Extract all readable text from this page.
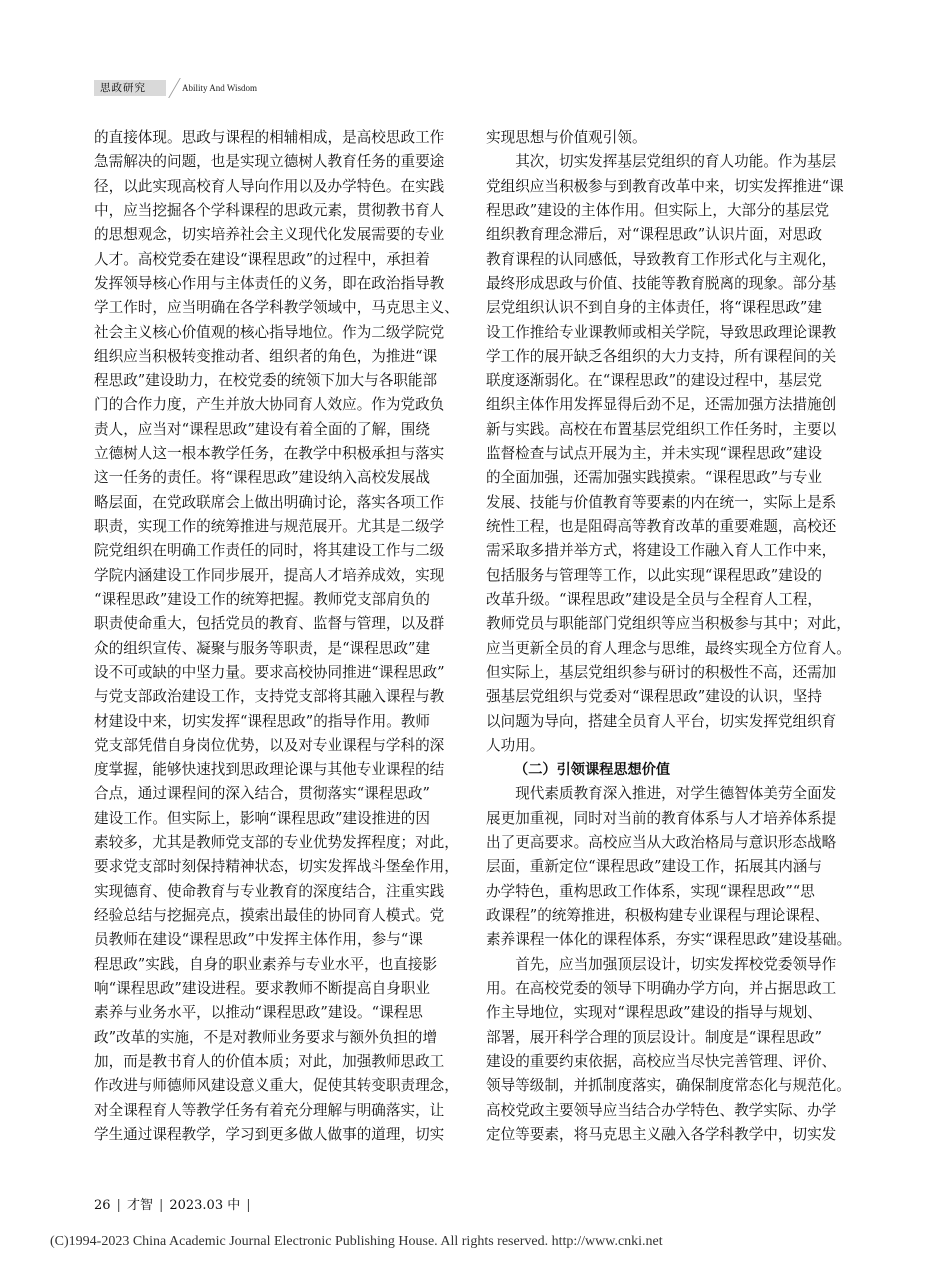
思政研究	Ability And Wisdom

的直接体现。思政与课程的相辅相成，是高校思政工作
急需解决的问题，也是实现立德树人教育任务的重要途
径，以此实现高校育人导向作用以及办学特色。在实践
中，应当挖掘各个学科课程的思政元素，贯彻教书育人
的思想观念，切实培养社会主义现代化发展需要的专业
人才。高校党委在建设“课程思政”的过程中，承担着
发挥领导核心作用与主体责任的义务，即在政治指导教
学工作时，应当明确在各学科教学领域中，马克思主义、
社会主义核心价值观的核心指导地位。作为二级学院党
组织应当积极转变推动者、组织者的角色，为推进“课
程思政”建设助力，在校党委的统领下加大与各职能部
门的合作力度，产生并放大协同育人效应。作为党政负
责人，应当对“课程思政”建设有着全面的了解，围绕
立德树人这一根本教学任务，在教学中积极承担与落实
这一任务的责任。将“课程思政”建设纳入高校发展战
略层面，在党政联席会上做出明确讨论，落实各项工作
职责，实现工作的统筹推进与规范展开。尤其是二级学
院党组织在明确工作责任的同时，将其建设工作与二级
学院内涵建设工作同步展开，提高人才培养成效，实现
“课程思政”建设工作的统筹把握。教师党支部肩负的
职责使命重大，包括党员的教育、监督与管理，以及群
众的组织宣传、凝聚与服务等职责，是“课程思政”建
设不可或缺的中坚力量。要求高校协同推进“课程思政”
与党支部政治建设工作，支持党支部将其融入课程与教
材建设中来，切实发挥“课程思政”的指导作用。教师
党支部凭借自身岗位优势，以及对专业课程与学科的深
度掌握，能够快速找到思政理论课与其他专业课程的结
合点，通过课程间的深入结合，贯彻落实“课程思政”
建设工作。但实际上，影响“课程思政”建设推进的因
素较多，尤其是教师党支部的专业优势发挥程度；对此，
要求党支部时刻保持精神状态，切实发挥战斗堡垒作用，
实现德育、使命教育与专业教育的深度结合，注重实践
经验总结与挖掘亮点，摸索出最佳的协同育人模式。党
员教师在建设“课程思政”中发挥主体作用，参与“课
程思政”实践，自身的职业素养与专业水平，也直接影
响“课程思政”建设进程。要求教师不断提高自身职业
素养与业务水平，以推动“课程思政”建设。“课程思
政”改革的实施，不是对教师业务要求与额外负担的增
加，而是教书育人的价值本质；对此，加强教师思政工
作改进与师德师风建设意义重大，促使其转变职责理念，
对全课程育人等教学任务有着充分理解与明确落实，让
学生通过课程教学，学习到更多做人做事的道理，切实

实现思想与价值观引领。
　　其次，切实发挥基层党组织的育人功能。作为基层
党组织应当积极参与到教育改革中来，切实发挥推进“课
程思政”建设的主体作用。但实际上，大部分的基层党
组织教育理念滞后，对“课程思政”认识片面，对思政
教育课程的认同感低，导致教育工作形式化与主观化，
最终形成思政与价值、技能等教育脱离的现象。部分基
层党组织认识不到自身的主体责任，将“课程思政”建
设工作推给专业课教师或相关学院，导致思政理论课教
学工作的展开缺乏各组织的大力支持，所有课程间的关
联度逐渐弱化。在“课程思政”的建设过程中，基层党
组织主体作用发挥显得后劲不足，还需加强方法措施创
新与实践。高校在布置基层党组织工作任务时，主要以
监督检查与试点开展为主，并未实现“课程思政”建设
的全面加强，还需加强实践摸索。“课程思政”与专业
发展、技能与价值教育等要素的内在统一，实际上是系
统性工程，也是阻碍高等教育改革的重要难题，高校还
需采取多措并举方式，将建设工作融入育人工作中来，
包括服务与管理等工作，以此实现“课程思政”建设的
改革升级。“课程思政”建设是全员与全程育人工程，
教师党员与职能部门党组织等应当积极参与其中；对此，
应当更新全员的育人理念与思维，最终实现全方位育人。
但实际上，基层党组织参与研讨的积极性不高，还需加
强基层党组织与党委对“课程思政”建设的认识，坚持
以问题为导向，搭建全员育人平台，切实发挥党组织育
人功用。

（二）引领课程思想价值

　　现代素质教育深入推进，对学生德智体美劳全面发
展更加重视，同时对当前的教育体系与人才培养体系提
出了更高要求。高校应当从大政治格局与意识形态战略
层面，重新定位“课程思政”建设工作，拓展其内涵与
办学特色，重构思政工作体系，实现“课程思政”“思
政课程”的统筹推进，积极构建专业课程与理论课程、
素养课程一体化的课程体系，夯实“课程思政”建设基础。

　　首先，应当加强顶层设计，切实发挥校党委领导作
用。在高校党委的领导下明确办学方向，并占据思政工
作主导地位，实现对“课程思政”建设的指导与规划、
部署，展开科学合理的顶层设计。制度是“课程思政”
建设的重要约束依据，高校应当尽快完善管理、评价、
领导等级制，并抓制度落实，确保制度常态化与规范化。
高校党政主要领导应当结合办学特色、教学实际、办学
定位等要素，将马克思主义融入各学科教学中，切实发

26 | 才智 | 2023.03 中 |
(C)1994-2023 China Academic Journal Electronic Publishing House. All rights reserved. http://www.cnki.net
